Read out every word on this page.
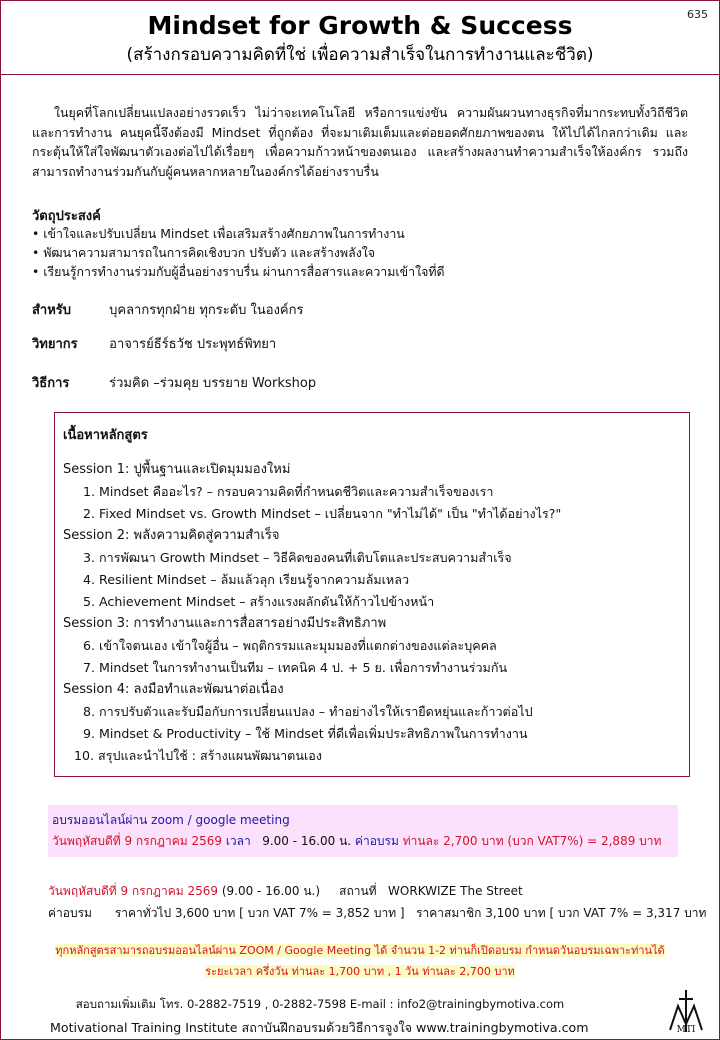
635
Mindset for Growth & Success
(สร้างกรอบความคิดที่ใช่ เพื่อความสำเร็จในการทำงานและชีวิต)

ในยุคที่โลกเปลี่ยนแปลงอย่างรวดเร็ว ไม่ว่าจะเทคโนโลยี หรือการแข่งขัน ความผันผวนทางธุรกิจที่มากระทบทั้งวิถีชีวิตและการทำงาน คนยุคนี้จึงต้องมี Mindset ที่ถูกต้อง ที่จะมาเติมเต็มและต่อยอดศักยภาพของตน ให้ไปได้ไกลกว่าเดิม และกระตุ้นให้ใส่ใจพัฒนาตัวเองต่อไปได้เรื่อยๆ เพื่อความก้าวหน้าของตนเอง และสร้างผลงานทำความสำเร็จให้องค์กร รวมถึงสามารถทำงานร่วมกันกับผู้คนหลากหลายในองค์กรได้อย่างราบรื่น

วัตถุประสงค์
• เข้าใจและปรับเปลี่ยน Mindset เพื่อเสริมสร้างศักยภาพในการทำงาน
• พัฒนาความสามารถในการคิดเชิงบวก ปรับตัว และสร้างพลังใจ
• เรียนรู้การทำงานร่วมกับผู้อื่นอย่างราบรื่น ผ่านการสื่อสารและความเข้าใจที่ดี
สำหรับ	บุคลากรทุกฝ่าย ทุกระดับ ในองค์กร
วิทยากร อาจารย์ธีร์ธวัช ประพุทธ์พิทยา
วิธีการ	ร่วมคิด –ร่วมคุย บรรยาย Workshop
เนื้อหาหลักสูตร
Session 1: ปูพื้นฐานและเปิดมุมมองใหม่
1. Mindset คืออะไร? – กรอบความคิดที่กำหนดชีวิตและความสำเร็จของเรา
2. Fixed Mindset vs. Growth Mindset – เปลี่ยนจาก "ทำไม่ได้" เป็น "ทำได้อย่างไร?"
Session 2: พลังความคิดสู่ความสำเร็จ
3. การพัฒนา Growth Mindset – วิธีคิดของคนที่เติบโตและประสบความสำเร็จ
4. Resilient Mindset – ล้มแล้วลุก เรียนรู้จากความล้มเหลว
5. Achievement Mindset – สร้างแรงผลักดันให้ก้าวไปข้างหน้า
Session 3: การทำงานและการสื่อสารอย่างมีประสิทธิภาพ
6. เข้าใจตนเอง เข้าใจผู้อื่น – พฤติกรรมและมุมมองที่แตกต่างของแต่ละบุคคล
7. Mindset ในการทำงานเป็นทีม – เทคนิค 4 ป. + 5 ย. เพื่อการทำงานร่วมกัน
Session 4: ลงมือทำและพัฒนาต่อเนื่อง
8. การปรับตัวและรับมือกับการเปลี่ยนแปลง – ทำอย่างไรให้เรายืดหยุ่นและก้าวต่อไป
9. Mindset & Productivity – ใช้ Mindset ที่ดีเพื่อเพิ่มประสิทธิภาพในการทำงาน
10. สรุปและนำไปใช้ : สร้างแผนพัฒนาตนเอง
อบรมออนไลน์ผ่าน zoom / google meeting
วันพฤหัสบดีที่ 9 กรกฎาคม 2569 เวลา 9.00 - 16.00 น. ค่าอบรม ท่านละ 2,700 บาท (บวก VAT7%) = 2,889 บาท
วันพฤหัสบดีที่ 9 กรกฎาคม 2569 (9.00 - 16.00 น.) สถานที่ WORKWIZE The Street
ค่าอบรม ราคาทั่วไป 3,600 บาท [ บวก VAT 7% = 3,852 บาท ] ราคาสมาชิก 3,100 บาท [ บวก VAT 7% = 3,317 บาท
ทุกหลักสูตรสามารถอบรมออนไลน์ผ่าน ZOOM / Google Meeting ได้ จำนวน 1-2 ท่านก็เปิดอบรม กำหนดวันอบรมเฉพาะท่านได้
ระยะเวลา ครึ่งวัน ท่านละ 1,700 บาท , 1 วัน ท่านละ 2,700 บาท
สอบถามเพิ่มเติม โทร. 0-2882-7519 , 0-2882-7598 E-mail : info2@trainingbymotiva.com
Motivational Training Institute สถาบันฝึกอบรมด้วยวิธีการจูงใจ www.trainingbymotiva.com	MTI
